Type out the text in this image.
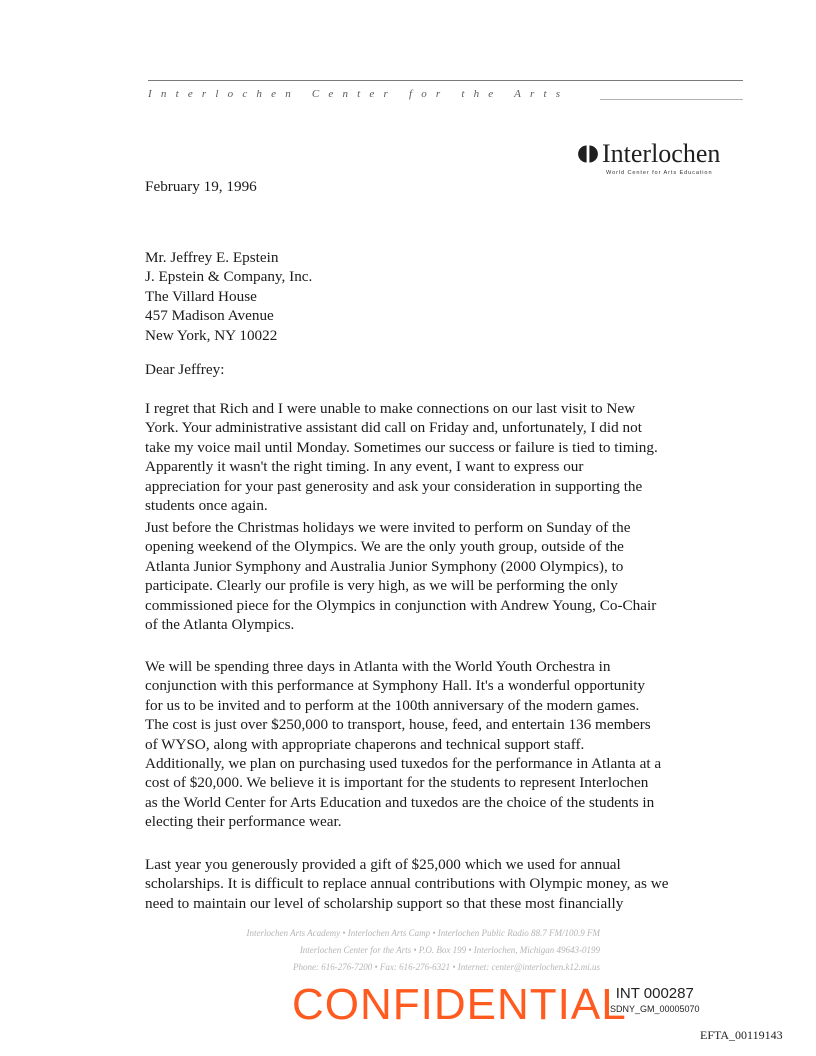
Interlochen Center for the Arts
Interlochen
World Center for Arts Education
February 19, 1996
Mr. Jeffrey E. Epstein
J. Epstein & Company, Inc.
The Villard House
457 Madison Avenue
New York, NY 10022
Dear Jeffrey:
I regret that Rich and I were unable to make connections on our last visit to New
York. Your administrative assistant did call on Friday and, unfortunately, I did not
take my voice mail until Monday. Sometimes our success or failure is tied to timing.
Apparently it wasn't the right timing. In any event, I want to express our
appreciation for your past generosity and ask your consideration in supporting the
students once again.
Just before the Christmas holidays we were invited to perform on Sunday of the
opening weekend of the Olympics. We are the only youth group, outside of the
Atlanta Junior Symphony and Australia Junior Symphony (2000 Olympics), to
participate. Clearly our profile is very high, as we will be performing the only
commissioned piece for the Olympics in conjunction with Andrew Young, Co-Chair
of the Atlanta Olympics.
We will be spending three days in Atlanta with the World Youth Orchestra in
conjunction with this performance at Symphony Hall. It's a wonderful opportunity
for us to be invited and to perform at the 100th anniversary of the modern games.
The cost is just over $250,000 to transport, house, feed, and entertain 136 members
of WYSO, along with appropriate chaperons and technical support staff.
Additionally, we plan on purchasing used tuxedos for the performance in Atlanta at a
cost of $20,000. We believe it is important for the students to represent Interlochen
as the World Center for Arts Education and tuxedos are the choice of the students in
electing their performance wear.
Last year you generously provided a gift of $25,000 which we used for annual
scholarships. It is difficult to replace annual contributions with Olympic money, as we
need to maintain our level of scholarship support so that these most financially
Interlochen Arts Academy • Interlochen Arts Camp • Interlochen Public Radio 88.7 FM/100.9 FM
Interlochen Center for the Arts • P.O. Box 199 • Interlochen, Michigan 49643-0199
Phone: 616-276-7200 • Fax: 616-276-6321 • Internet: center@interlochen.k12.mi.us
CONFIDENTIAL
INT 000287
SDNY_GM_00005070
EFTA_00119143
